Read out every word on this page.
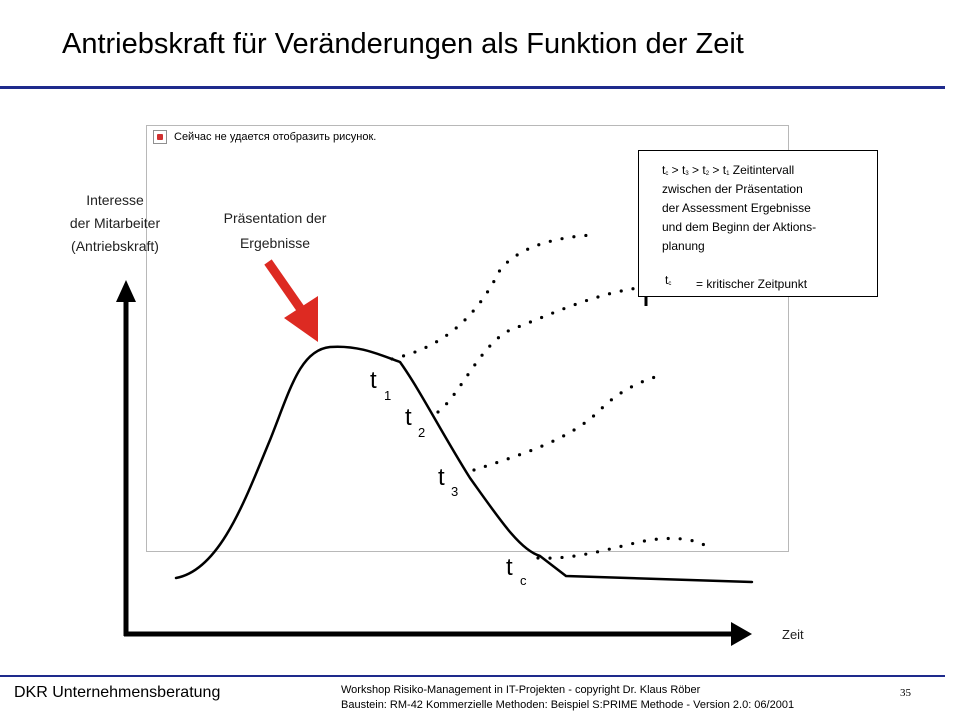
Antriebskraft für Veränderungen als Funktion der Zeit
Сейчас не удается отобразить рисунок.
Interesse
der Mitarbeiter
(Antriebskraft)
Präsentation der
Ergebnisse
Zeit
t
1
t
2
t
3
t c
tc > t3 > t2 > t1 Zeitintervall
zwischen der Präsentation
der Assessment Ergebnisse
und dem Beginn der Aktions-
planung
tc = kritischer Zeitpunkt
DKR Unternehmensberatung	Workshop Risiko-Management in IT-Projekten - copyright Dr. Klaus Röber
Baustein: RM-42 Kommerzielle Methoden: Beispiel S:PRIME Methode - Version 2.0: 06/2001
35
